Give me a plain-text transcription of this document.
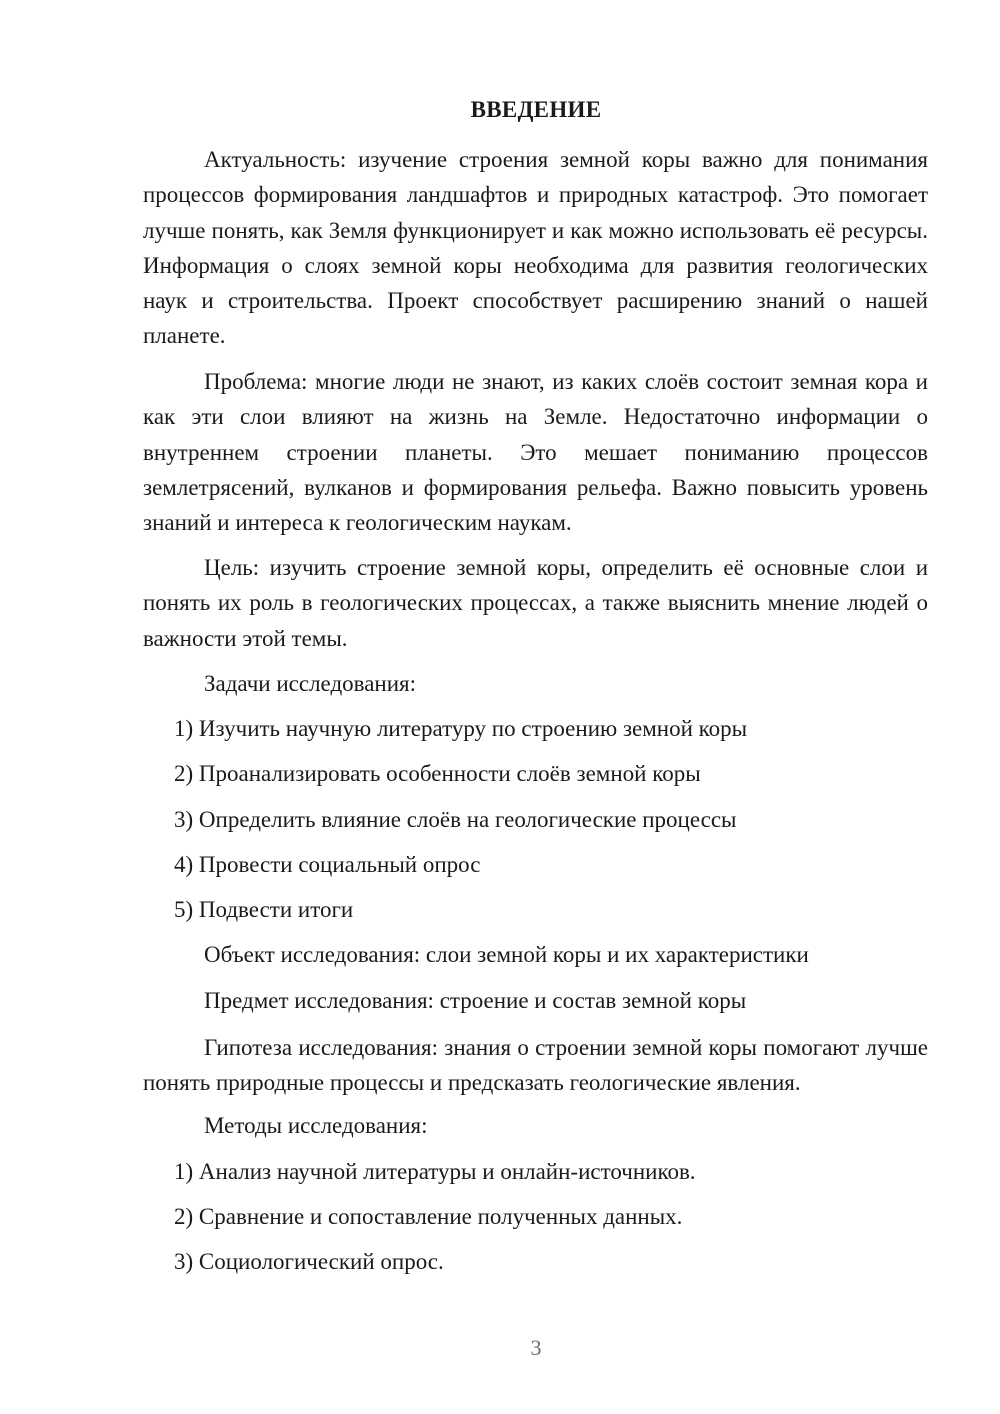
ВВЕДЕНИЕ

Актуальность: изучение строения земной коры важно для понимания процессов формирования ландшафтов и природных катастроф. Это помогает лучше понять, как Земля функционирует и как можно использовать её ресурсы. Информация о слоях земной коры необходима для развития геологических наук и строительства. Проект способствует расширению знаний о нашей планете.

Проблема: многие люди не знают, из каких слоёв состоит земная кора и как эти слои влияют на жизнь на Земле. Недостаточно информации о внутреннем строении планеты. Это мешает пониманию процессов землетрясений, вулканов и формирования рельефа. Важно повысить уровень знаний и интереса к геологическим наукам.

Цель: изучить строение земной коры, определить её основные слои и понять их роль в геологических процессах, а также выяснить мнение людей о важности этой темы.

Задачи исследования:
1) Изучить научную литературу по строению земной коры
2) Проанализировать особенности слоёв земной коры
3) Определить влияние слоёв на геологические процессы
4) Провести социальный опрос
5) Подвести итоги
Объект исследования: слои земной коры и их характеристики
Предмет исследования: строение и состав земной коры

Гипотеза исследования: знания о строении земной коры помогают лучше понять природные процессы и предсказать геологические явления.

Методы исследования:
1) Анализ научной литературы и онлайн-источников.
2) Сравнение и сопоставление полученных данных.
3) Социологический опрос.
3
